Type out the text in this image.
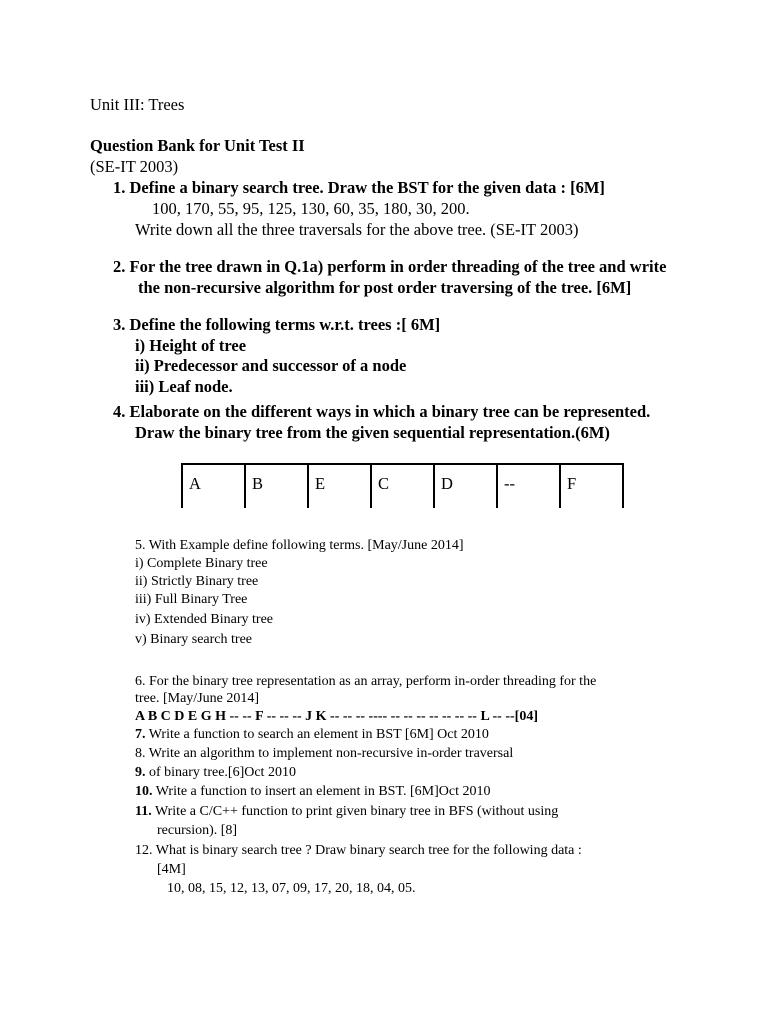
Unit III: Trees
Question Bank for Unit Test II
(SE-IT 2003)
1. Define a binary search tree. Draw the BST for the given data : [6M]
100, 170, 55, 95, 125, 130, 60, 35, 180, 30, 200.
Write down all the three traversals for the above tree. (SE-IT 2003)
2. For the tree drawn in Q.1a) perform in order threading of the tree and write
the non-recursive algorithm for post order traversing of the tree. [6M]
3. Define the following terms w.r.t. trees :[ 6M]
i) Height of tree
ii) Predecessor and successor of a node
iii) Leaf node.
4. Elaborate on the different ways in which a binary tree can be represented.
Draw the binary tree from the given sequential representation.(6M)
A	B	E	C	D	--	F
5. With Example define following terms. [May/June 2014]
i) Complete Binary tree
ii) Strictly Binary tree
iii) Full Binary Tree
iv) Extended Binary tree
v) Binary search tree
6. For the binary tree representation as an array, perform in-order threading for the
tree. [May/June 2014]
A B C D E G H -- -- F -- -- -- J K -- -- -- ---- -- -- -- -- -- -- -- L -- --[04]
7. Write a function to search an element in BST [6M] Oct 2010
8. Write an algorithm to implement non-recursive in-order traversal
9. of binary tree.[6]Oct 2010
10. Write a function to insert an element in BST. [6M]Oct 2010
11. Write a C/C++ function to print given binary tree in BFS (without using
recursion). [8]
12. What is binary search tree ? Draw binary search tree for the following data :
[4M]
10, 08, 15, 12, 13, 07, 09, 17, 20, 18, 04, 05.
